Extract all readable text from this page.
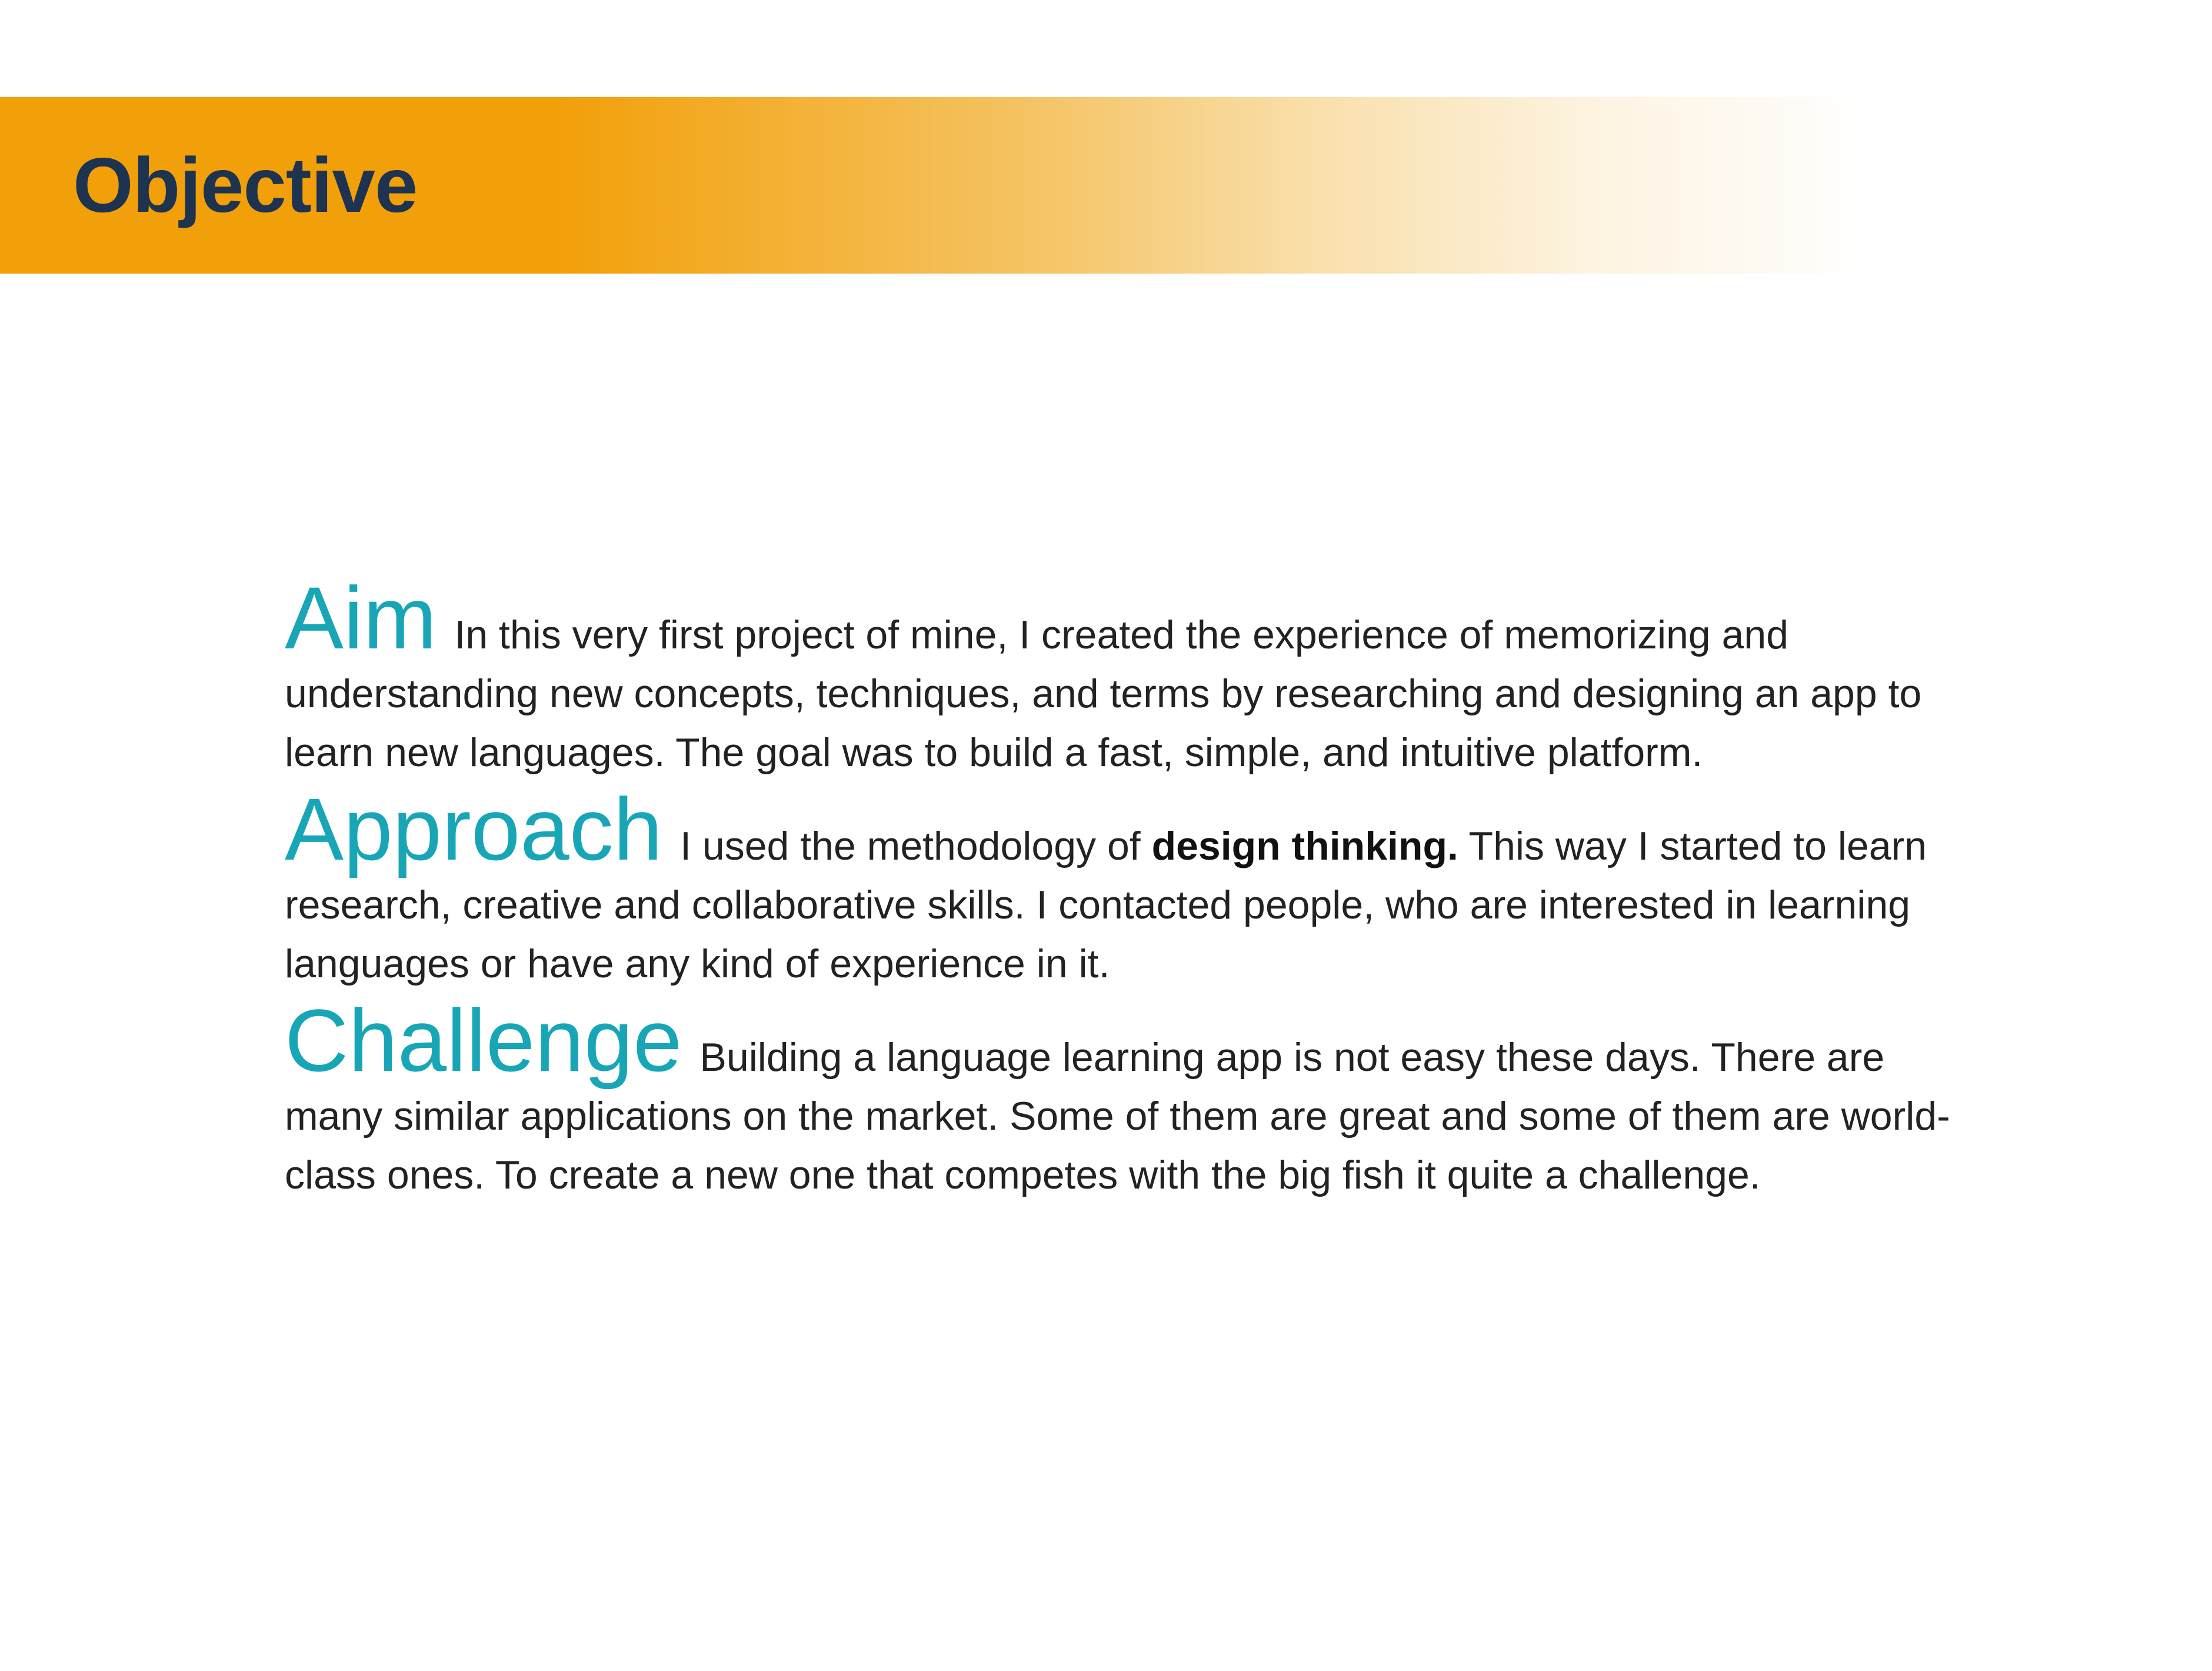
Objective

Aim In this very first project of mine, I created the experience of memorizing and understanding new concepts, techniques, and terms by researching and designing an app to learn new languages. The goal was to build a fast, simple, and intuitive platform.

Approach I used the methodology of design thinking. This way I started to learn research, creative and collaborative skills. I contacted people, who are interested in learning languages or have any kind of experience in it.

Challenge Building a language learning app is not easy these days. There are many similar applications on the market. Some of them are great and some of them are world-class ones. To create a new one that competes with the big fish it quite a challenge.
